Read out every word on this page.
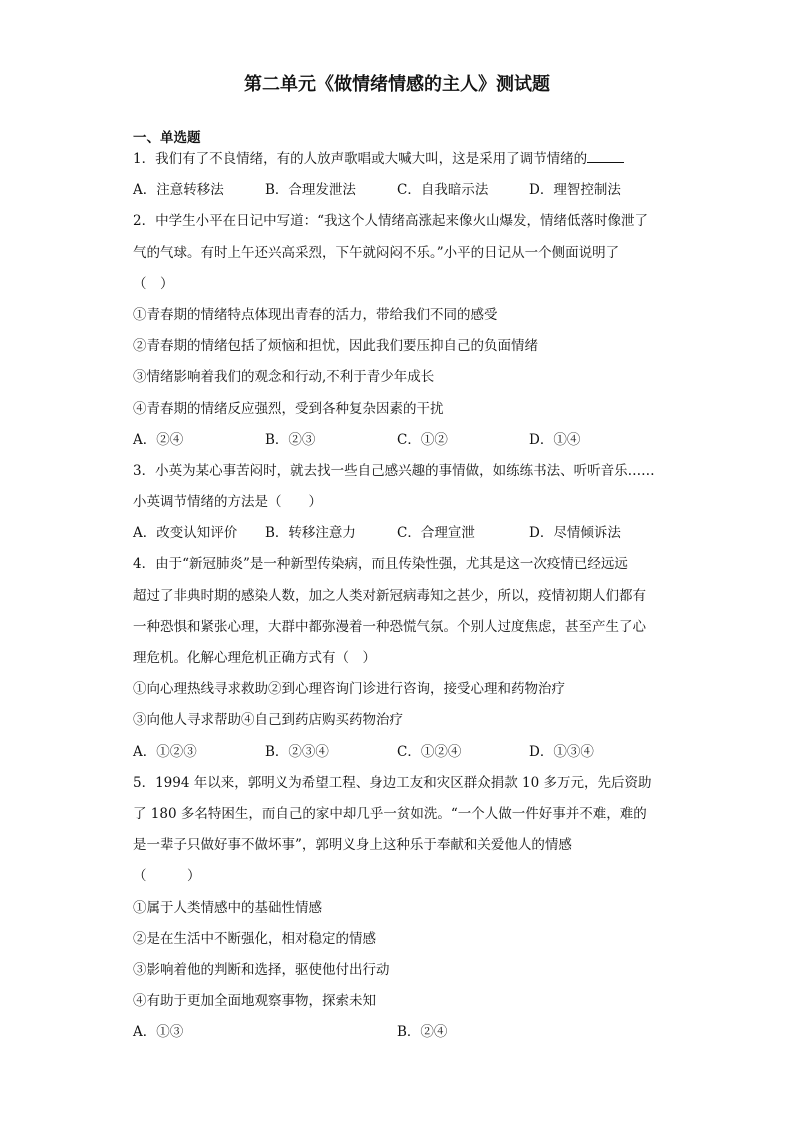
第二单元《做情绪情感的主人》测试题
一、单选题
1．我们有了不良情绪，有的人放声歌唱或大喊大叫，这是采用了调节情绪的
A．注意转移法	B．合理发泄法	C．自我暗示法	D．理智控制法
2．中学生小平在日记中写道：“我这个人情绪高涨起来像火山爆发，情绪低落时像泄了
气的气球。有时上午还兴高采烈，下午就闷闷不乐。”小平的日记从一个侧面说明了
（　）
①青春期的情绪特点体现出青春的活力，带给我们不同的感受
②青春期的情绪包括了烦恼和担忧，因此我们要压抑自己的负面情绪
③情绪影响着我们的观念和行动,不利于青少年成长
④青春期的情绪反应强烈，受到各种复杂因素的干扰
A．②④	B．②③	C．①②	D．①④
3．小英为某心事苦闷时，就去找一些自己感兴趣的事情做，如练练书法、听听音乐……
小英调节情绪的方法是（　　）
A．改变认知评价	B．转移注意力	C．合理宣泄	D．尽情倾诉法
4．由于“新冠肺炎”是一种新型传染病，而且传染性强，尤其是这一次疫情已经远远
超过了非典时期的感染人数，加之人类对新冠病毒知之甚少，所以，疫情初期人们都有
一种恐惧和紧张心理，大群中都弥漫着一种恐慌气氛。个别人过度焦虑，甚至产生了心
理危机。化解心理危机正确方式有（　）
①向心理热线寻求救助②到心理咨询门诊进行咨询，接受心理和药物治疗
③向他人寻求帮助④自己到药店购买药物治疗
A．①②③	B．②③④	C．①②④	D．①③④
5．1994 年以来，郭明义为希望工程、身边工友和灾区群众捐款 10 多万元，先后资助
了 180 多名特困生，而自己的家中却几乎一贫如洗。“一个人做一件好事并不难，难的
是一辈子只做好事不做坏事”，郭明义身上这种乐于奉献和关爱他人的情感
（　　　）
①属于人类情感中的基础性情感
②是在生活中不断强化，相对稳定的情感
③影响着他的判断和选择，驱使他付出行动
④有助于更加全面地观察事物，探索未知
A．①③	B．②④
